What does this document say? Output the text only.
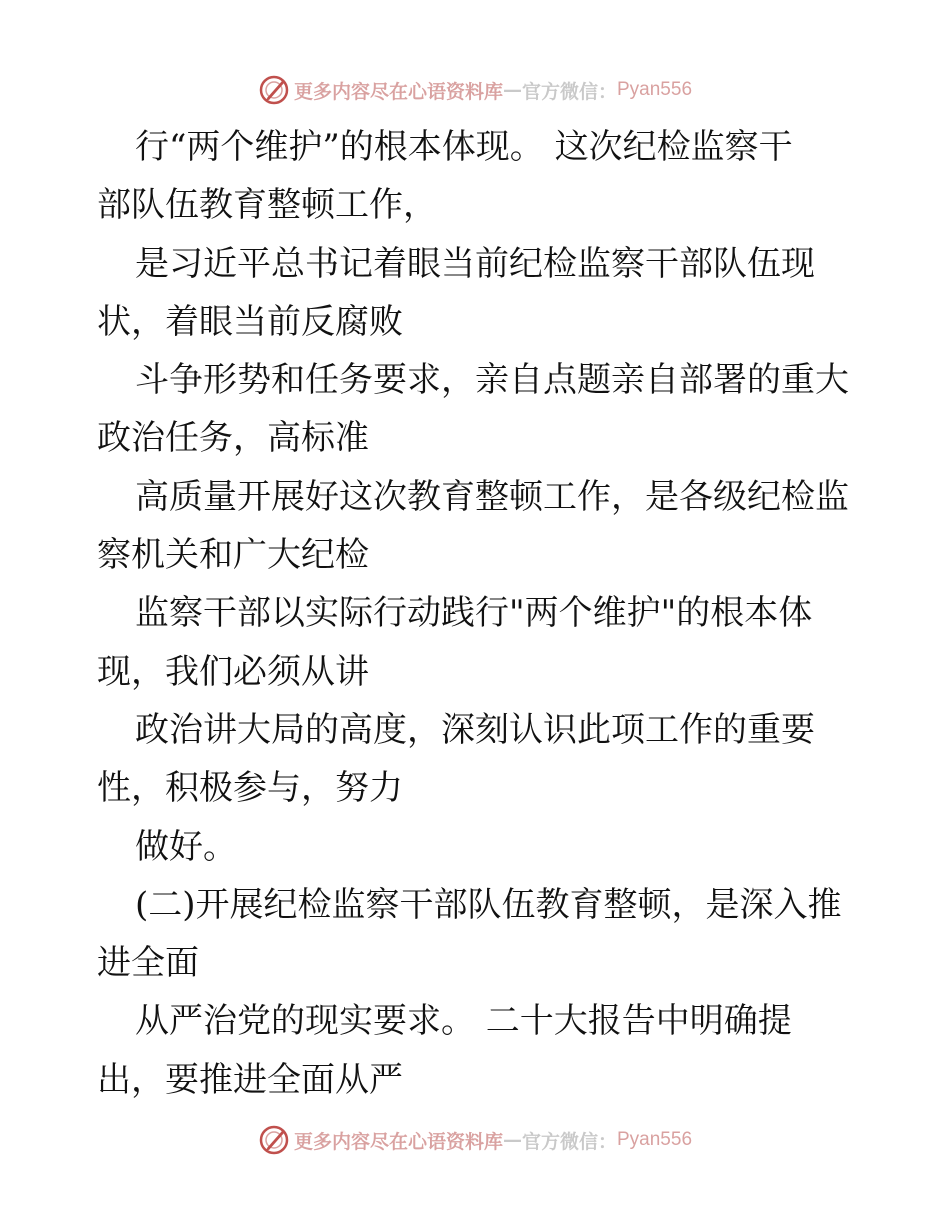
更多内容尽在心语资料库 — 官方微信： Pyan556
行“两个维护”的根本体现。 这次纪检监察干
部队伍教育整顿工作，
是习近平总书记着眼当前纪检监察干部队伍现
状，着眼当前反腐败
斗争形势和任务要求，亲自点题亲自部署的重大
政治任务，高标准
高质量开展好这次教育整顿工作，是各级纪检监
察机关和广大纪检
监察干部以实际行动践行"两个维护"的根本体
现，我们必须从讲
政治讲大局的高度，深刻认识此项工作的重要
性，积极参与，努力
做好。
(二)开展纪检监察干部队伍教育整顿，是深入推
进全面
从严治党的现实要求。 二十大报告中明确提
出，要推进全面从严
更多内容尽在心语资料库 — 官方微信： Pyan556
